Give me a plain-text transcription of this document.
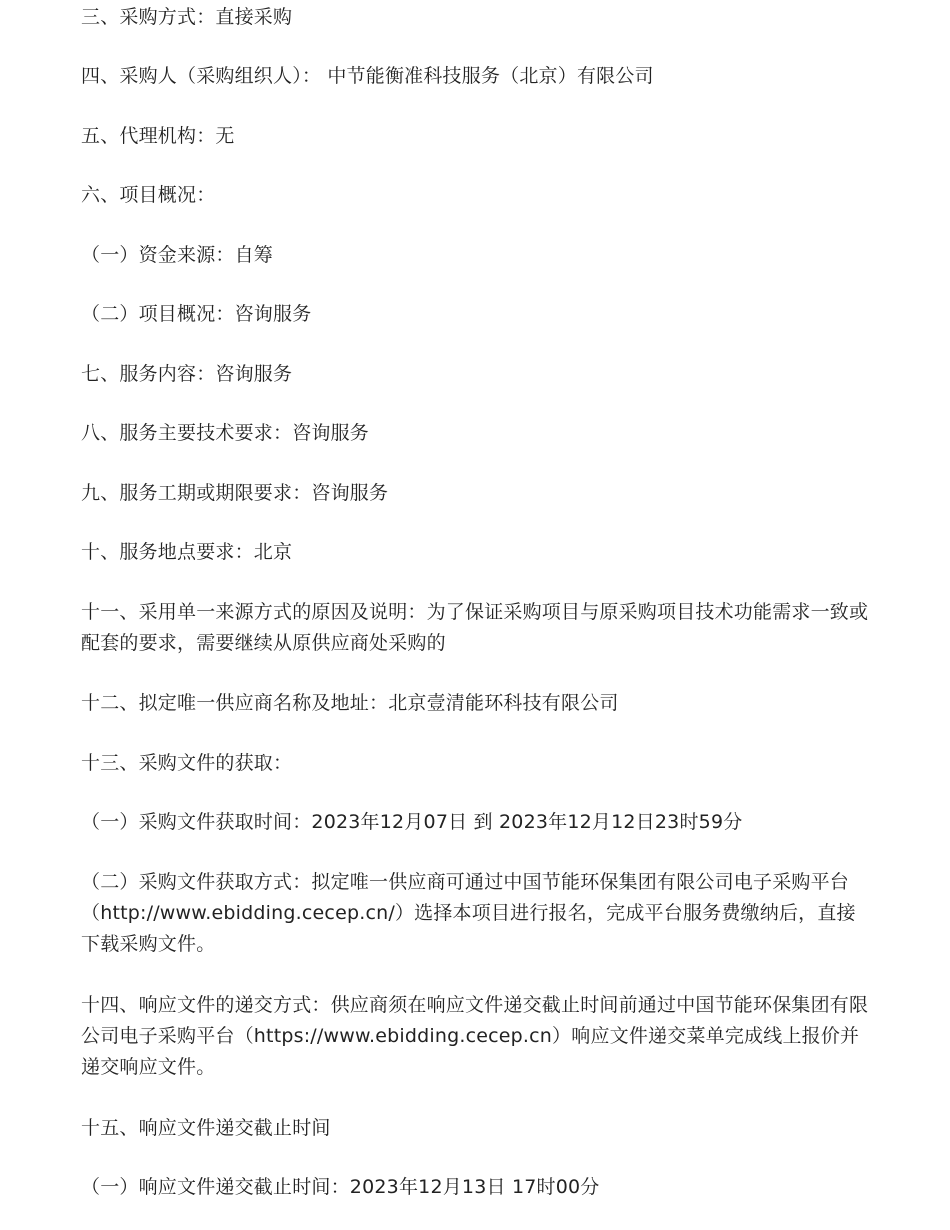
三、采购方式：直接采购

四、采购人（采购组织人）： 中节能衡准科技服务（北京）有限公司

五、代理机构：无

六、项目概况：

（一）资金来源：自筹

（二）项目概况：咨询服务

七、服务内容：咨询服务

八、服务主要技术要求：咨询服务

九、服务工期或期限要求：咨询服务

十、服务地点要求：北京

十一、采用单一来源方式的原因及说明：为了保证采购项目与原采购项目技术功能需求一致或配套的要求，需要继续从原供应商处采购的

十二、拟定唯一供应商名称及地址：北京壹清能环科技有限公司

十三、采购文件的获取：

（一）采购文件获取时间：2023年12月07日 到 2023年12月12日23时59分

（二）采购文件获取方式：拟定唯一供应商可通过中国节能环保集团有限公司电子采购平台（http://www.ebidding.cecep.cn/）选择本项目进行报名，完成平台服务费缴纳后，直接下载采购文件。

十四、响应文件的递交方式：供应商须在响应文件递交截止时间前通过中国节能环保集团有限公司电子采购平台（https://www.ebidding.cecep.cn）响应文件递交菜单完成线上报价并递交响应文件。

十五、响应文件递交截止时间

（一）响应文件递交截止时间：2023年12月13日 17时00分
